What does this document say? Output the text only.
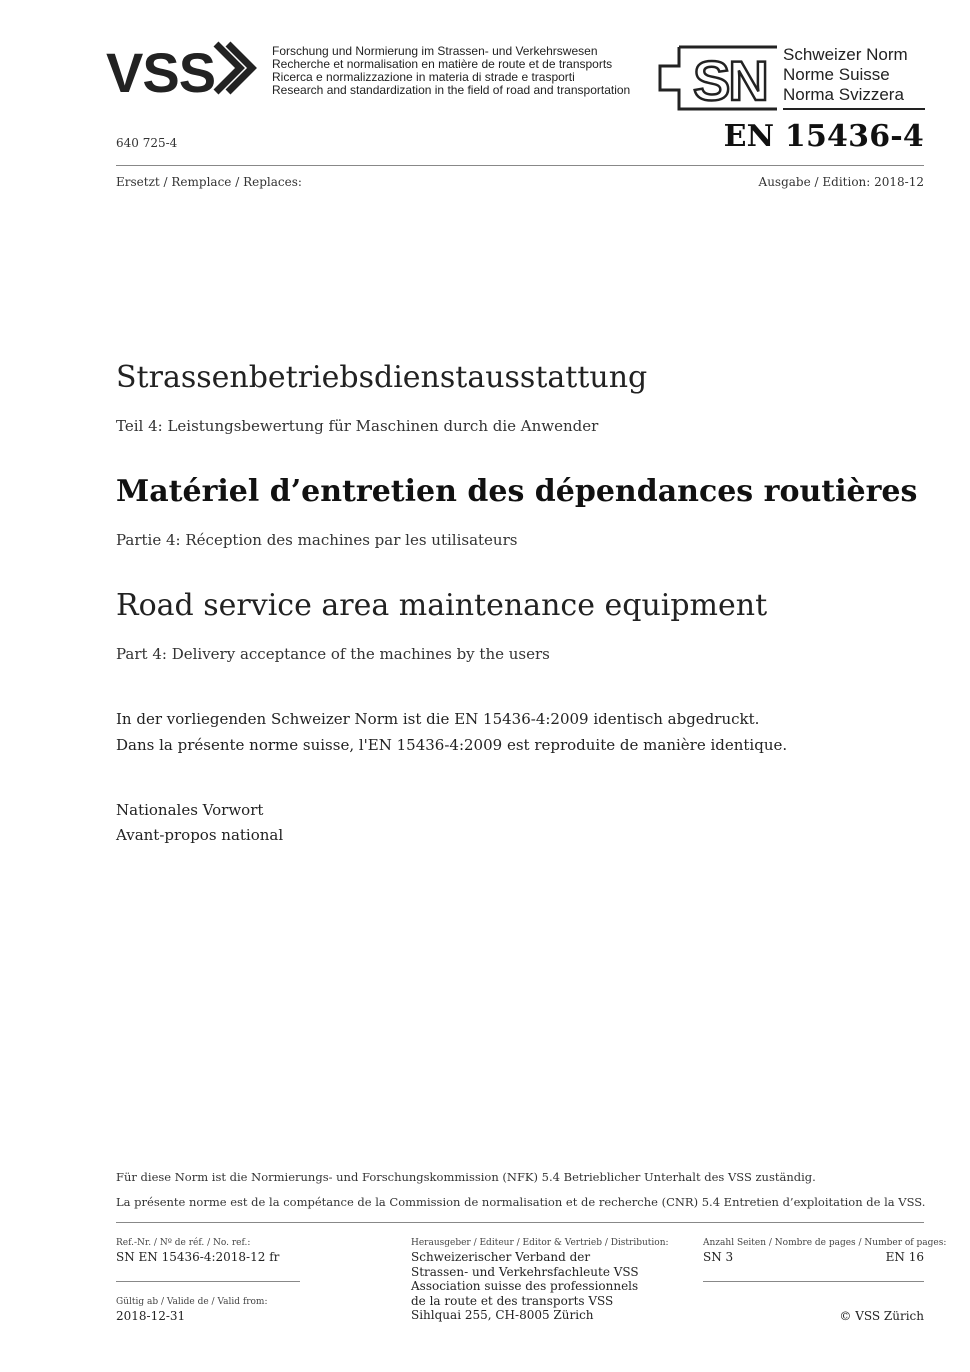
VSS	Forschung und Normierung im Strassen- und Verkehrswesen
Recherche et normalisation en matière de route et de transports
Ricerca e normalizzazione in materia di strade e trasporti
Research and standardization in the field of road and transportation SN Schweizer Norm
Norme Suisse
Norma Svizzera
640 725-4	EN 15436-4
Ersetzt / Remplace / Replaces:	Ausgabe / Edition: 2018-12
Strassenbetriebsdienstausstattung
Teil 4: Leistungsbewertung für Maschinen durch die Anwender
Matériel d’entretien des dépendances routières
Partie 4: Réception des machines par les utilisateurs
Road service area maintenance equipment
Part 4: Delivery acceptance of the machines by the users
In der vorliegenden Schweizer Norm ist die EN 15436-4:2009 identisch abgedruckt.
Dans la présente norme suisse, l'EN 15436-4:2009 est reproduite de manière identique.
Nationales Vorwort
Avant-propos national
Für diese Norm ist die Normierungs- und Forschungskommission (NFK) 5.4 Betrieblicher Unterhalt des VSS zuständig.
La présente norme est de la compétance de la Commission de normalisation et de recherche (CNR) 5.4 Entretien d’exploitation de la VSS.
Ref.-Nr. / Nº de réf. / No. ref.:
SN EN 15436-4:2018-12 fr
Gültig ab / Valide de / Valid from:
2018-12-31
Herausgeber / Editeur / Editor & Vertrieb / Distribution:
Schweizerischer Verband der
Strassen- und Verkehrsfachleute VSS
Association suisse des professionnels
de la route et des transports VSS
Sihlquai 255, CH-8005 Zürich
Anzahl Seiten / Nombre de pages / Number of pages:
SN 3	EN 16
© VSS Zürich
